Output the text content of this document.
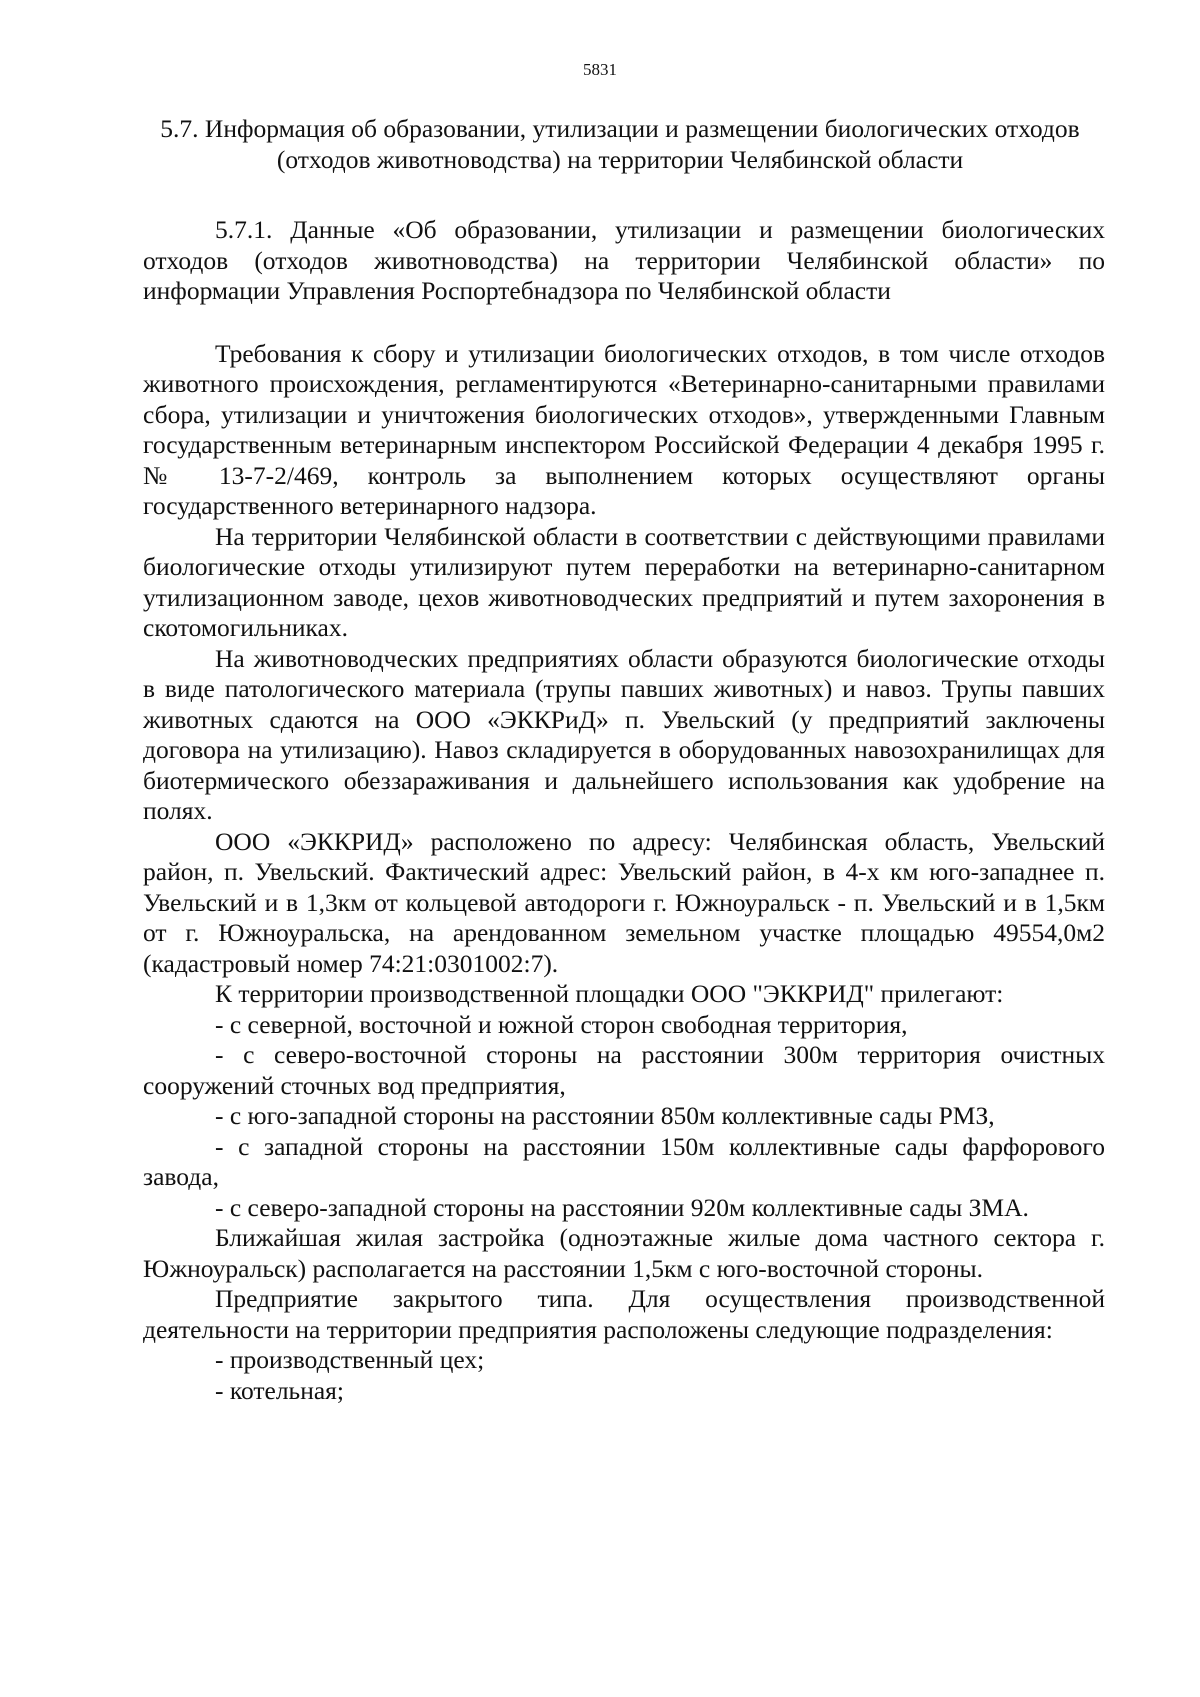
5831
5.7. Информация об образовании, утилизации и размещении биологических отходов (отходов животноводства) на территории Челябинской области

5.7.1. Данные «Об образовании, утилизации и размещении биологических отходов (отходов животноводства) на территории Челябинской области» по информации Управления Роспортебнадзора по Челябинской области

Требования к сбору и утилизации биологических отходов, в том числе отходов животного происхождения, регламентируются «Ветеринарно-санитарными правилами сбора, утилизации и уничтожения биологических отходов», утвержденными Главным государственным ветеринарным инспектором Российской Федерации 4 декабря 1995 г. № 13-7-2/469, контроль за выполнением которых осуществляют органы государственного ветеринарного надзора.

На территории Челябинской области в соответствии с действующими правилами биологические отходы утилизируют путем переработки на ветеринарно-санитарном утилизационном заводе, цехов животноводческих предприятий и путем захоронения в скотомогильниках.

На животноводческих предприятиях области образуются биологические отходы в виде патологического материала (трупы павших животных) и навоз. Трупы павших животных сдаются на ООО «ЭККРиД» п. Увельский (у предприятий заключены договора на утилизацию). Навоз складируется в оборудованных навозохранилищах для биотермического обеззараживания и дальнейшего использования как удобрение на полях.

ООО «ЭККРИД» расположено по адресу: Челябинская область, Увельский район, п. Увельский. Фактический адрес: Увельский район, в 4-х км юго-западнее п. Увельский и в 1,3км от кольцевой автодороги г. Южноуральск - п. Увельский и в 1,5км от г. Южноуральска, на арендованном земельном участке площадью 49554,0м2 (кадастровый номер 74:21:0301002:7).

К территории производственной площадки ООО "ЭККРИД" прилегают:

- с северной, восточной и южной сторон свободная территория,

- с северо-восточной стороны на расстоянии 300м территория очистных сооружений сточных вод предприятия,

- с юго-западной стороны на расстоянии 850м коллективные сады РМЗ,

- с западной стороны на расстоянии 150м коллективные сады фарфорового завода,

- с северо-западной стороны на расстоянии 920м коллективные сады ЗМА.

Ближайшая жилая застройка (одноэтажные жилые дома частного сектора г. Южноуральск) располагается на расстоянии 1,5км с юго-восточной стороны.

Предприятие закрытого типа. Для осуществления производственной деятельности на территории предприятия расположены следующие подразделения:

- производственный цех;

- котельная;
